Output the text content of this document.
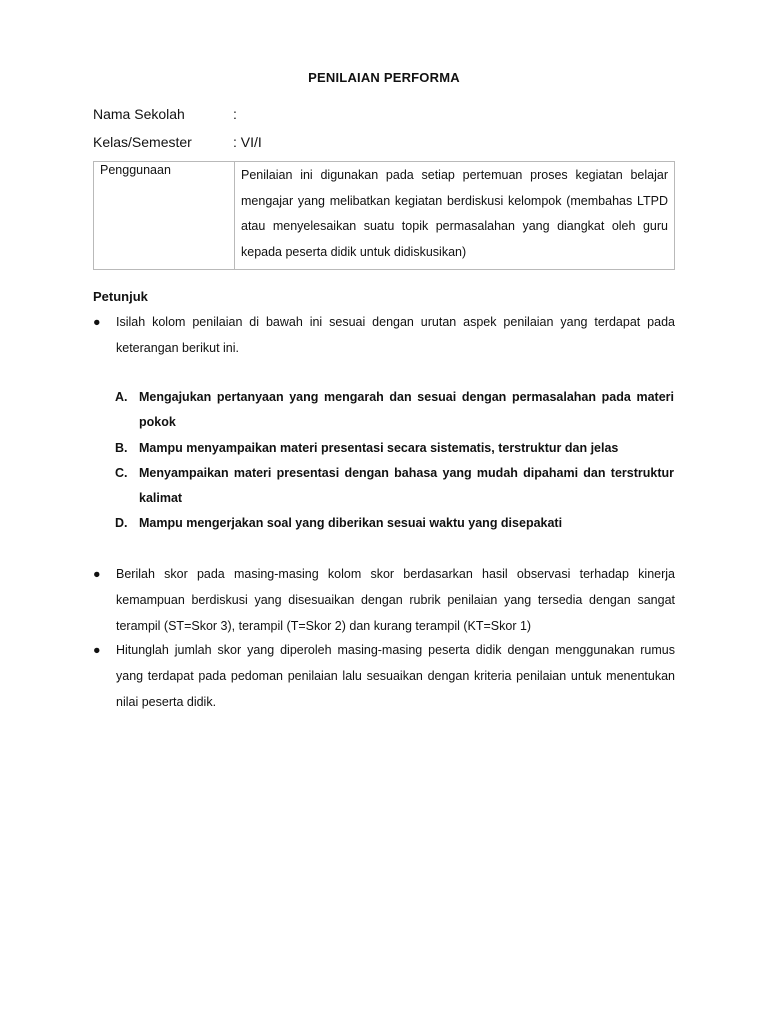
PENILAIAN PERFORMA
Nama Sekolah	:
Kelas/Semester	: VI/I
Penggunaan	Penilaian ini digunakan pada setiap pertemuan proses kegiatan belajar mengajar yang melibatkan kegiatan berdiskusi kelompok (membahas LTPD atau menyelesaikan suatu topik permasalahan yang diangkat oleh guru kepada peserta didik untuk didiskusikan)
Petunjuk
●	Isilah kolom penilaian di bawah ini sesuai dengan urutan aspek penilaian yang terdapat pada keterangan berikut ini.
A. Mengajukan pertanyaan yang mengarah dan sesuai dengan permasalahan pada materi pokok
B. Mampu menyampaikan materi presentasi secara sistematis, terstruktur dan jelas
C. Menyampaikan materi presentasi dengan bahasa yang mudah dipahami dan terstruktur kalimat
D. Mampu mengerjakan soal yang diberikan sesuai waktu yang disepakati
●	Berilah skor pada masing-masing kolom skor berdasarkan hasil observasi terhadap kinerja kemampuan berdiskusi yang disesuaikan dengan rubrik penilaian yang tersedia dengan sangat terampil (ST=Skor 3), terampil (T=Skor 2) dan kurang terampil (KT=Skor 1)
●	Hitunglah jumlah skor yang diperoleh masing-masing peserta didik dengan menggunakan rumus yang terdapat pada pedoman penilaian lalu sesuaikan dengan kriteria penilaian untuk menentukan nilai peserta didik.
